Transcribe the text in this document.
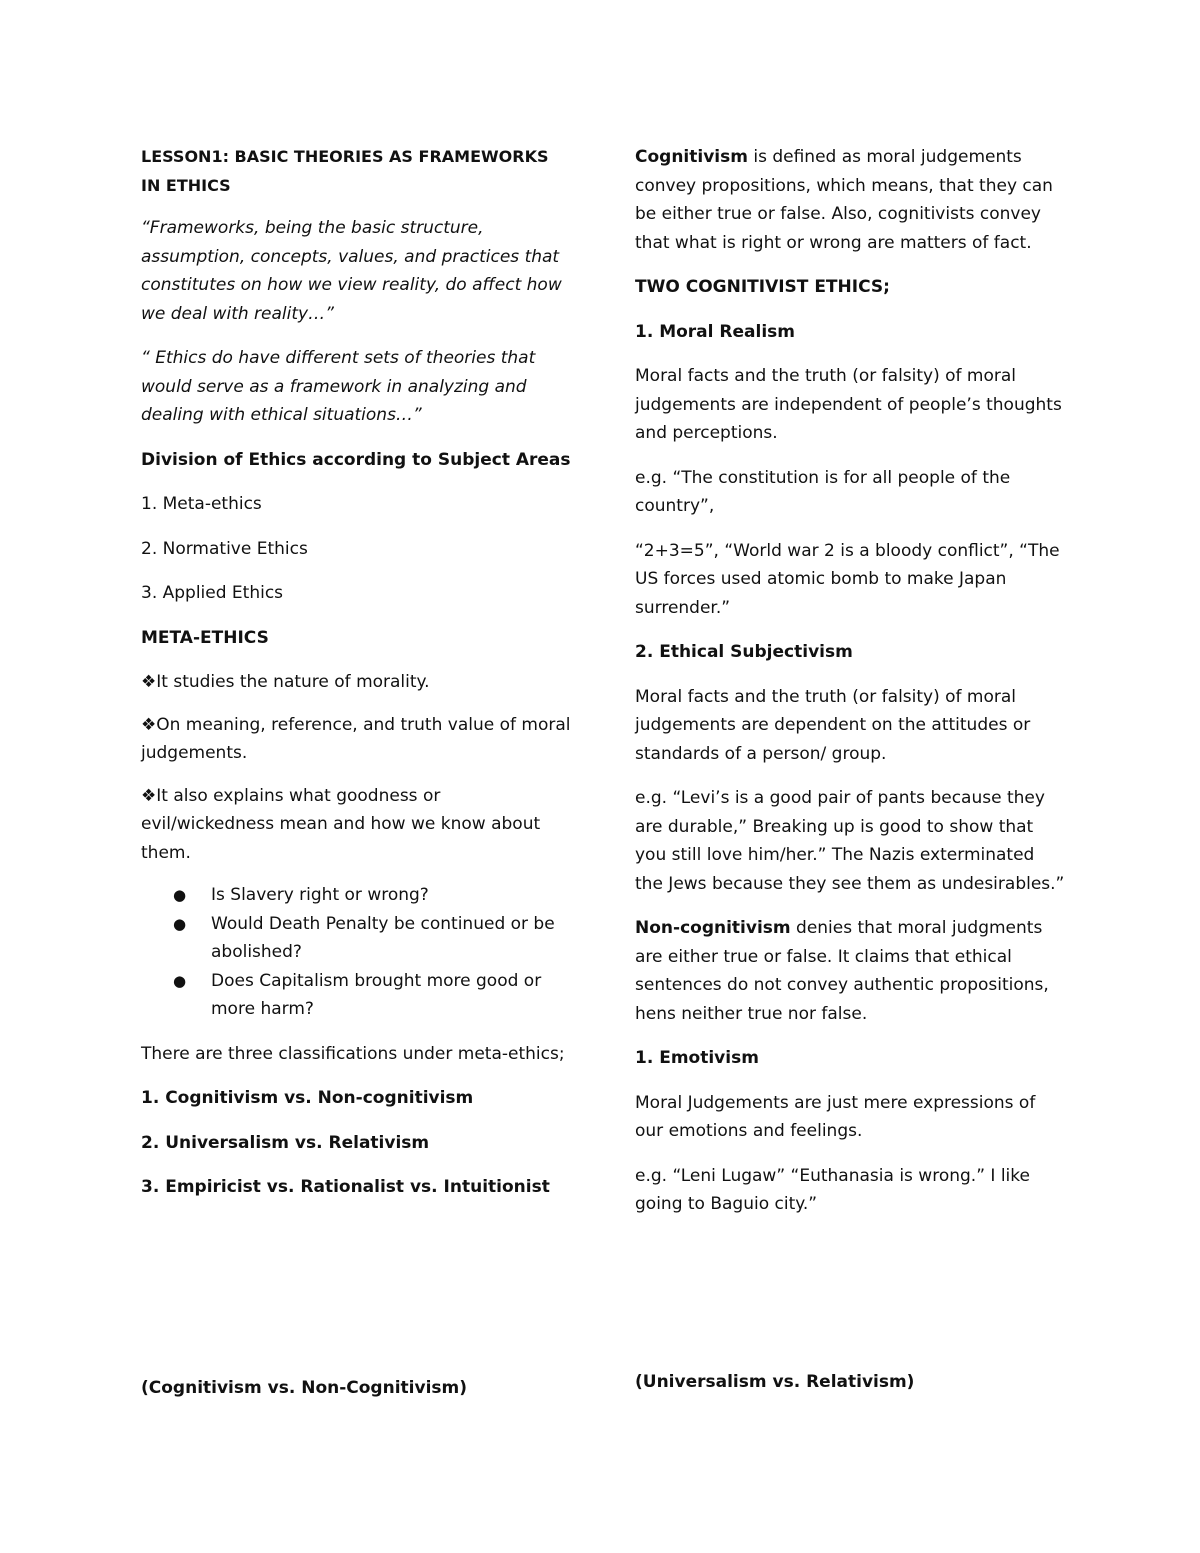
LESSON1: BASIC THEORIES AS FRAMEWORKS IN ETHICS

“Frameworks, being the basic structure, assumption, concepts, values, and practices that constitutes on how we view reality, do affect how we deal with reality…”

“ Ethics do have different sets of theories that would serve as a framework in analyzing and dealing with ethical situations…”

Division of Ethics according to Subject Areas

1. Meta-ethics

2. Normative Ethics

3. Applied Ethics

META-ETHICS

❖It studies the nature of morality.

❖On meaning, reference, and truth value of moral judgements.

❖It also explains what goodness or evil/wickedness mean and how we know about them.

● Is Slavery right or wrong?
● Would Death Penalty be continued or be abolished?
● Does Capitalism brought more good or more harm?

There are three classifications under meta-ethics;

1. Cognitivism vs. Non-cognitivism

2. Universalism vs. Relativism

3. Empiricist vs. Rationalist vs. Intuitionist

Cognitivism is defined as moral judgements convey propositions, which means, that they can be either true or false. Also, cognitivists convey that what is right or wrong are matters of fact.

TWO COGNITIVIST ETHICS;

1. Moral Realism

Moral facts and the truth (or falsity) of moral judgements are independent of people’s thoughts and perceptions.

e.g. “The constitution is for all people of the country”,

“2+3=5”, “World war 2 is a bloody conflict”, “The US forces used atomic bomb to make Japan surrender.”

2. Ethical Subjectivism

Moral facts and the truth (or falsity) of moral judgements are dependent on the attitudes or standards of a person/ group.

e.g. “Levi’s is a good pair of pants because they are durable,” Breaking up is good to show that you still love him/her.” The Nazis exterminated the Jews because they see them as undesirables.”

Non-cognitivism denies that moral judgments are either true or false. It claims that ethical sentences do not convey authentic propositions, hens neither true nor false.

1. Emotivism

Moral Judgements are just mere expressions of our emotions and feelings.

e.g. “Leni Lugaw” “Euthanasia is wrong.” I like going to Baguio city.”

(Cognitivism vs. Non-Cognitivism)	(Universalism vs. Relativism)
